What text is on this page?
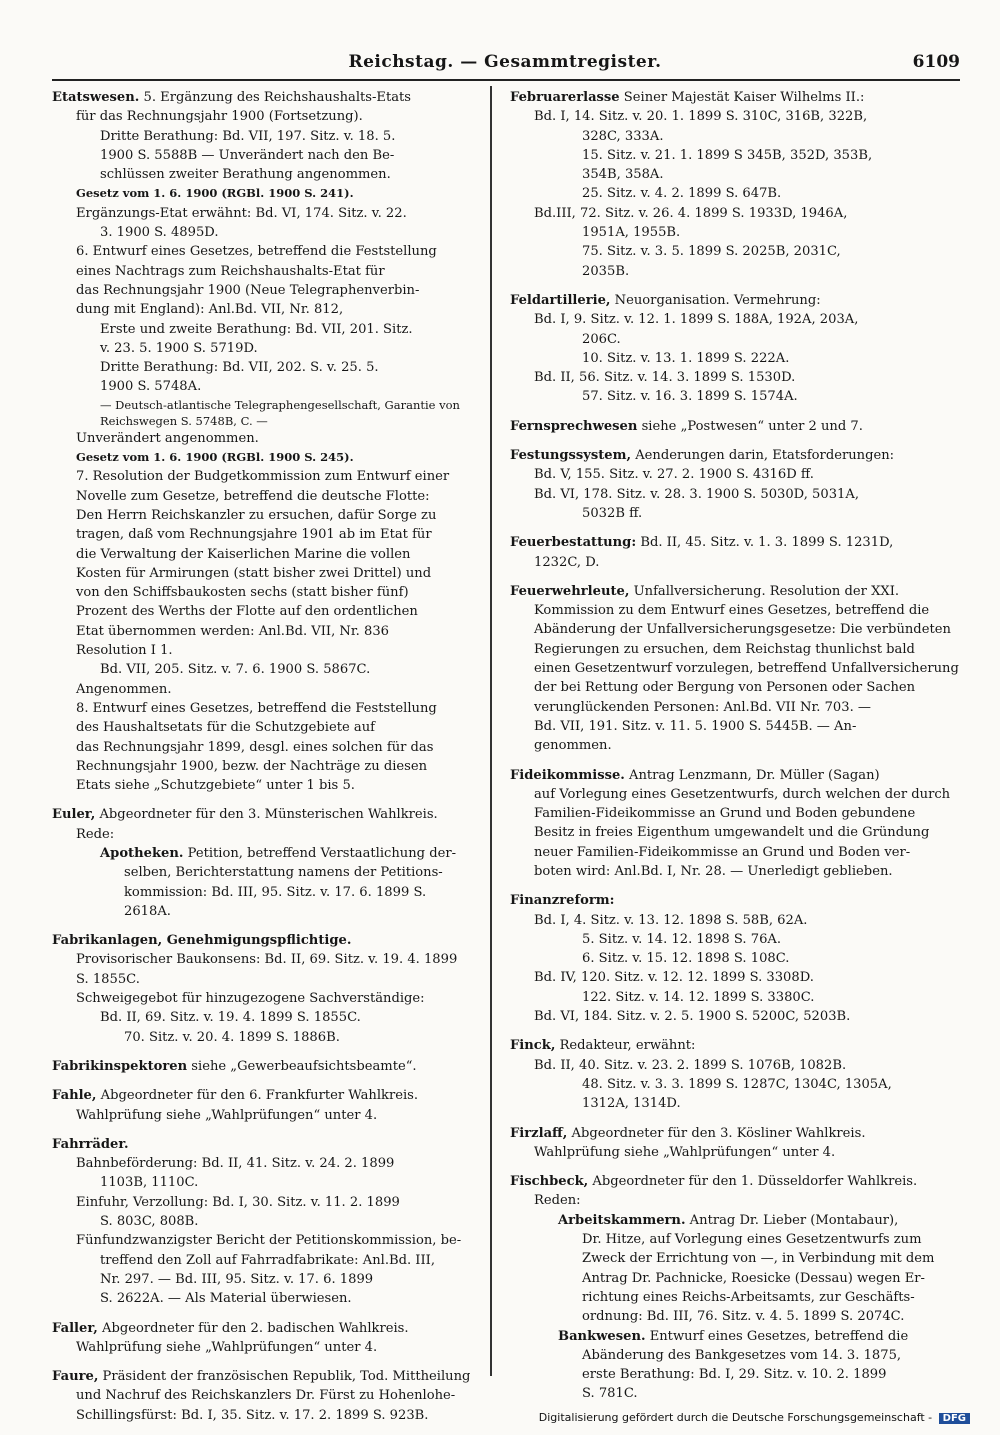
Reichstag. — Gesammtregister.	6109
Etatswesen. 5. Ergänzung des Reichshaushalts-Etats
für das Rechnungsjahr 1900 (Fortsetzung).
Dritte Berathung: Bd. VII, 197. Sitz. v. 18. 5.
1900 S. 5588B — Unverändert nach den Be-
schlüssen zweiter Berathung angenommen.
Gesetz vom 1. 6. 1900 (RGBl. 1900 S. 241).
Ergänzungs-Etat erwähnt: Bd. VI, 174. Sitz. v. 22.
3. 1900 S. 4895D.
6. Entwurf eines Gesetzes, betreffend die Feststellung
eines Nachtrags zum Reichshaushalts-Etat für
das Rechnungsjahr 1900 (Neue Telegraphenverbin-
dung mit England): Anl.Bd. VII, Nr. 812,
Erste und zweite Berathung: Bd. VII, 201. Sitz.
v. 23. 5. 1900 S. 5719D.
Dritte Berathung: Bd. VII, 202. S. v. 25. 5.
1900 S. 5748A.
— Deutsch-atlantische Telegraphengesellschaft, Garantie von
Reichswegen S. 5748B, C. —
Unverändert angenommen.
Gesetz vom 1. 6. 1900 (RGBl. 1900 S. 245).
7. Resolution der Budgetkommission zum Entwurf einer
Novelle zum Gesetze, betreffend die deutsche Flotte:
Den Herrn Reichskanzler zu ersuchen, dafür Sorge zu
tragen, daß vom Rechnungsjahre 1901 ab im Etat für
die Verwaltung der Kaiserlichen Marine die vollen
Kosten für Armirungen (statt bisher zwei Drittel) und
von den Schiffsbaukosten sechs (statt bisher fünf)
Prozent des Werths der Flotte auf den ordentlichen
Etat übernommen werden: Anl.Bd. VII, Nr. 836
Resolution I 1.
Bd. VII, 205. Sitz. v. 7. 6. 1900 S. 5867C.
Angenommen.
8. Entwurf eines Gesetzes, betreffend die Feststellung
des Haushaltsetats für die Schutzgebiete auf
das Rechnungsjahr 1899, desgl. eines solchen für das
Rechnungsjahr 1900, bezw. der Nachträge zu diesen
Etats siehe „Schutzgebiete“ unter 1 bis 5.
Euler, Abgeordneter für den 3. Münsterischen Wahlkreis.
Rede:
Apotheken. Petition, betreffend Verstaatlichung der-
selben, Berichterstattung namens der Petitions-
kommission: Bd. III, 95. Sitz. v. 17. 6. 1899 S.
2618A.
Fabrikanlagen, Genehmigungspflichtige.
Provisorischer Baukonsens: Bd. II, 69. Sitz. v. 19. 4. 1899
S. 1855C.
Schweigegebot für hinzugezogene Sachverständige:
Bd. II, 69. Sitz. v. 19. 4. 1899 S. 1855C.
70. Sitz. v. 20. 4. 1899 S. 1886B.
Fabrikinspektoren siehe „Gewerbeaufsichtsbeamte“.
Fahle, Abgeordneter für den 6. Frankfurter Wahlkreis.
Wahlprüfung siehe „Wahlprüfungen“ unter 4.
Fahrräder.
Bahnbeförderung: Bd. II, 41. Sitz. v. 24. 2. 1899
1103B, 1110C.
Einfuhr, Verzollung: Bd. I, 30. Sitz. v. 11. 2. 1899
S. 803C, 808B.
Fünfundzwanzigster Bericht der Petitionskommission, be-
treffend den Zoll auf Fahrradfabrikate: Anl.Bd. III,
Nr. 297. — Bd. III, 95. Sitz. v. 17. 6. 1899
S. 2622A. — Als Material überwiesen.
Faller, Abgeordneter für den 2. badischen Wahlkreis.
Wahlprüfung siehe „Wahlprüfungen“ unter 4.
Faure, Präsident der französischen Republik, Tod. Mittheilung
und Nachruf des Reichskanzlers Dr. Fürst zu Hohenlohe-
Schillingsfürst: Bd. I, 35. Sitz. v. 17. 2. 1899 S. 923B.
Februarerlasse Seiner Majestät Kaiser Wilhelms II.:
Bd. I, 14. Sitz. v. 20. 1. 1899 S. 310C, 316B, 322B,
328C, 333A.
15. Sitz. v. 21. 1. 1899 S 345B, 352D, 353B,
354B, 358A.
25. Sitz. v. 4. 2. 1899 S. 647B.
Bd.III, 72. Sitz. v. 26. 4. 1899 S. 1933D, 1946A,
1951A, 1955B.
75. Sitz. v. 3. 5. 1899 S. 2025B, 2031C,
2035B.
Feldartillerie, Neuorganisation. Vermehrung:
Bd. I, 9. Sitz. v. 12. 1. 1899 S. 188A, 192A, 203A,
206C.
10. Sitz. v. 13. 1. 1899 S. 222A.
Bd. II, 56. Sitz. v. 14. 3. 1899 S. 1530D.
57. Sitz. v. 16. 3. 1899 S. 1574A.
Fernsprechwesen siehe „Postwesen“ unter 2 und 7.
Festungssystem, Aenderungen darin, Etatsforderungen:
Bd. V, 155. Sitz. v. 27. 2. 1900 S. 4316D ff.
Bd. VI, 178. Sitz. v. 28. 3. 1900 S. 5030D, 5031A,
5032B ff.
Feuerbestattung: Bd. II, 45. Sitz. v. 1. 3. 1899 S. 1231D,
1232C, D.
Feuerwehrleute, Unfallversicherung. Resolution der XXI.
Kommission zu dem Entwurf eines Gesetzes, betreffend die
Abänderung der Unfallversicherungsgesetze: Die verbündeten
Regierungen zu ersuchen, dem Reichstag thunlichst bald
einen Gesetzentwurf vorzulegen, betreffend Unfallversicherung
der bei Rettung oder Bergung von Personen oder Sachen
verunglückenden Personen: Anl.Bd. VII Nr. 703. —
Bd. VII, 191. Sitz. v. 11. 5. 1900 S. 5445B. — An-
genommen.
Fideikommisse. Antrag Lenzmann, Dr. Müller (Sagan)
auf Vorlegung eines Gesetzentwurfs, durch welchen der durch
Familien-Fideikommisse an Grund und Boden gebundene
Besitz in freies Eigenthum umgewandelt und die Gründung
neuer Familien-Fideikommisse an Grund und Boden ver-
boten wird: Anl.Bd. I, Nr. 28. — Unerledigt geblieben.
Finanzreform:
Bd. I, 4. Sitz. v. 13. 12. 1898 S. 58B, 62A.
5. Sitz. v. 14. 12. 1898 S. 76A.
6. Sitz. v. 15. 12. 1898 S. 108C.
Bd. IV, 120. Sitz. v. 12. 12. 1899 S. 3308D.
122. Sitz. v. 14. 12. 1899 S. 3380C.
Bd. VI, 184. Sitz. v. 2. 5. 1900 S. 5200C, 5203B.
Finck, Redakteur, erwähnt:
Bd. II, 40. Sitz. v. 23. 2. 1899 S. 1076B, 1082B.
48. Sitz. v. 3. 3. 1899 S. 1287C, 1304C, 1305A,
1312A, 1314D.
Firzlaff, Abgeordneter für den 3. Kösliner Wahlkreis.
Wahlprüfung siehe „Wahlprüfungen“ unter 4.
Fischbeck, Abgeordneter für den 1. Düsseldorfer Wahlkreis.
Reden:
Arbeitskammern. Antrag Dr. Lieber (Montabaur),
Dr. Hitze, auf Vorlegung eines Gesetzentwurfs zum
Zweck der Errichtung von —, in Verbindung mit dem
Antrag Dr. Pachnicke, Roesicke (Dessau) wegen Er-
richtung eines Reichs-Arbeitsamts, zur Geschäfts-
ordnung: Bd. III, 76. Sitz. v. 4. 5. 1899 S. 2074C.
Bankwesen. Entwurf eines Gesetzes, betreffend die
Abänderung des Bankgesetzes vom 14. 3. 1875,
erste Berathung: Bd. I, 29. Sitz. v. 10. 2. 1899
S. 781C.
Digitalisierung gefördert durch die Deutsche Forschungsgemeinschaft - DFG
